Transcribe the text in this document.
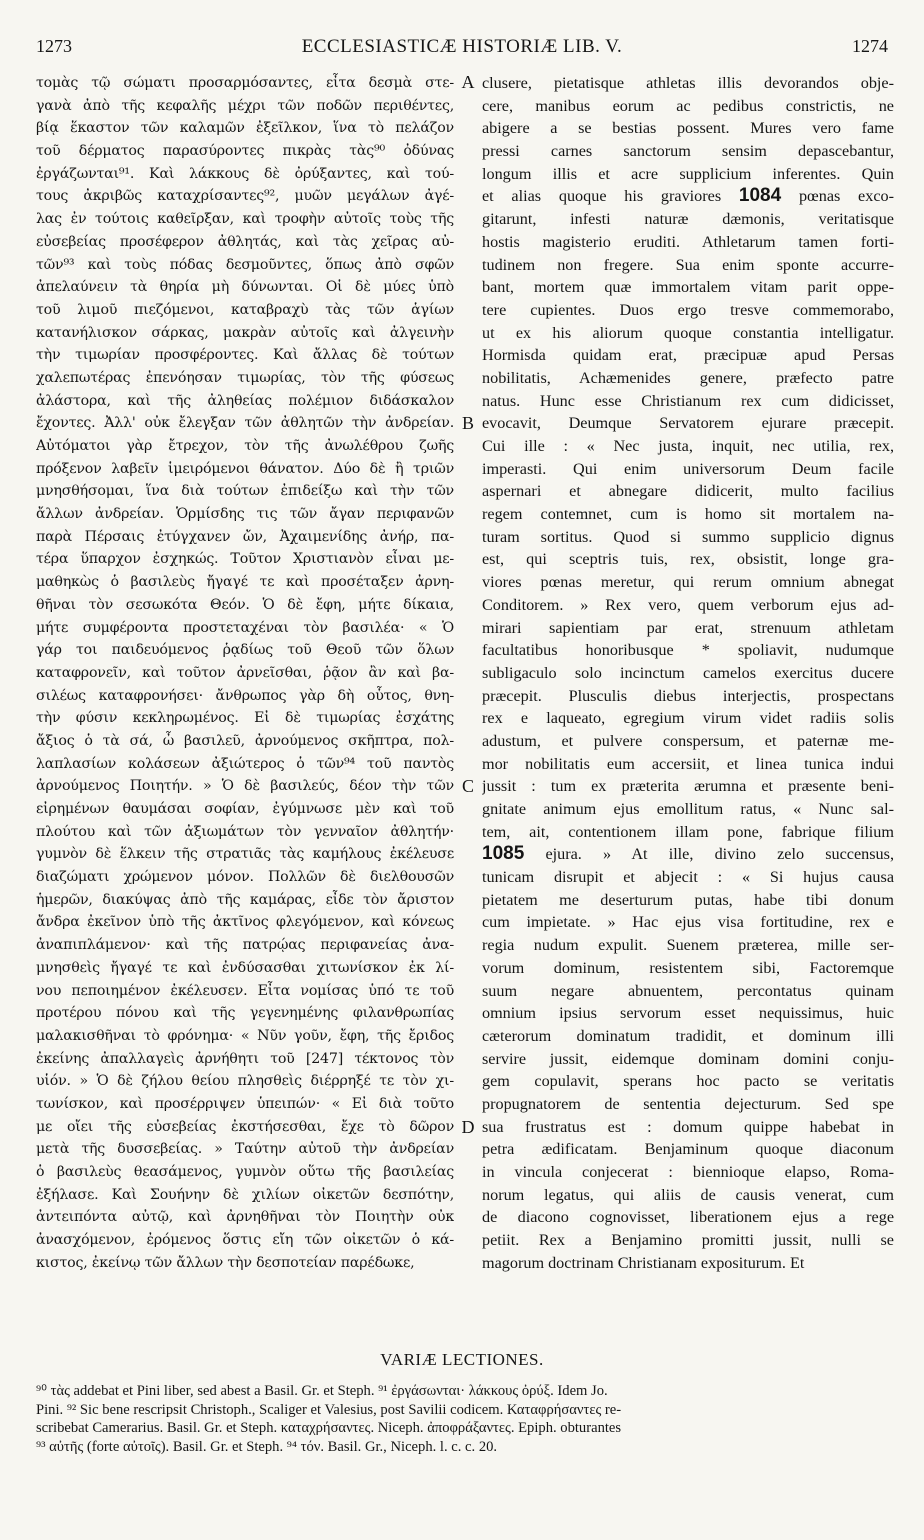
1273	ECCLESIASTICÆ HISTORIÆ LIB. V.	1274
τομὰς τῷ σώματι προσαρμόσαντες, εἶτα δεσμὰ στε-
γανὰ ἀπὸ τῆς κεφαλῆς μέχρι τῶν ποδῶν περιθέντες,
βίᾳ ἕκαστον τῶν καλαμῶν ἐξεῖλκον, ἵνα τὸ πελάζον
τοῦ δέρματος παρασύροντες πικρὰς τὰς⁹⁰ ὀδύνας
ἐργάζωνται⁹¹. Καὶ λάκκους δὲ ὀρύξαντες, καὶ τού-
τους ἀκριβῶς καταχρίσαντες⁹², μυῶν μεγάλων ἀγέ-
λας ἐν τούτοις καθεῖρξαν, καὶ τροφὴν αὐτοῖς τοὺς τῆς
εὐσεβείας προσέφερον ἀθλητάς, καὶ τὰς χεῖρας αὐ-
τῶν⁹³ καὶ τοὺς πόδας δεσμοῦντες, ὅπως ἀπὸ σφῶν
ἀπελαύνειν τὰ θηρία μὴ δύνωνται. Οἱ δὲ μύες ὑπὸ
τοῦ λιμοῦ πιεζόμενοι, καταβραχὺ τὰς τῶν ἁγίων
κατανήλισκον σάρκας, μακρὰν αὐτοῖς καὶ ἀλγεινὴν
τὴν τιμωρίαν προσφέροντες. Καὶ ἄλλας δὲ τούτων
χαλεπωτέρας ἐπενόησαν τιμωρίας, τὸν τῆς φύσεως
ἀλάστορα, καὶ τῆς ἀληθείας πολέμιον διδάσκαλον
ἔχοντες. Ἀλλ' οὐκ ἔλεγξαν τῶν ἀθλητῶν τὴν ἀνδρείαν.
Αὐτόματοι γὰρ ἔτρεχον, τὸν τῆς ἀνωλέθρου ζωῆς
πρόξενον λαβεῖν ἱμειρόμενοι θάνατον. Δύο δὲ ἢ τριῶν
μνησθήσομαι, ἵνα διὰ τούτων ἐπιδείξω καὶ τὴν τῶν
ἄλλων ἀνδρείαν. Ὁρμίσδης τις τῶν ἄγαν περιφανῶν
παρὰ Πέρσαις ἐτύγχανεν ὤν, Ἀχαιμενίδης ἀνήρ, πα-
τέρα ὕπαρχον ἐσχηκώς. Τοῦτον Χριστιανὸν εἶναι με-
μαθηκὼς ὁ βασιλεὺς ἤγαγέ τε καὶ προσέταξεν ἀρνη-
θῆναι τὸν σεσωκότα Θεόν. Ὁ δὲ ἔφη, μήτε δίκαια,
μήτε συμφέροντα προστεταχέναι τὸν βασιλέα· « Ὁ
γάρ τοι παιδευόμενος ῥᾳδίως τοῦ Θεοῦ τῶν ὅλων
καταφρονεῖν, καὶ τοῦτον ἀρνεῖσθαι, ῥᾷον ἂν καὶ βα-
σιλέως καταφρονήσει· ἄνθρωπος γὰρ δὴ οὗτος, θνη-
τὴν φύσιν κεκληρωμένος. Εἰ δὲ τιμωρίας ἐσχάτης
ἄξιος ὁ τὰ σά, ὦ βασιλεῦ, ἀρνούμενος σκῆπτρα, πολ-
λαπλασίων κολάσεων ἀξιώτερος ὁ τῶν⁹⁴ τοῦ παντὸς
ἀρνούμενος Ποιητήν. » Ὁ δὲ βασιλεύς, δέον τὴν τῶν
εἰρημένων θαυμάσαι σοφίαν, ἐγύμνωσε μὲν καὶ τοῦ
πλούτου καὶ τῶν ἀξιωμάτων τὸν γενναῖον ἀθλητήν·
γυμνὸν δὲ ἕλκειν τῆς στρατιᾶς τὰς καμήλους ἐκέλευσε
διαζώματι χρώμενον μόνον. Πολλῶν δὲ διελθουσῶν
ἡμερῶν, διακύψας ἀπὸ τῆς καμάρας, εἶδε τὸν ἄριστον
ἄνδρα ἐκεῖνον ὑπὸ τῆς ἀκτῖνος φλεγόμενον, καὶ κόνεως
ἀναπιπλάμενον· καὶ τῆς πατρῴας περιφανείας ἀνα-
μνησθεὶς ἤγαγέ τε καὶ ἐνδύσασθαι χιτωνίσκον ἐκ λί-
νου πεποιημένον ἐκέλευσεν. Εἶτα νομίσας ὑπό τε τοῦ
προτέρου πόνου καὶ τῆς γεγενημένης φιλανθρωπίας
μαλακισθῆναι τὸ φρόνημα· « Νῦν γοῦν, ἔφη, τῆς ἔριδος
ἐκείνης ἀπαλλαγεὶς ἀρνήθητι τοῦ [247] τέκτονος τὸν
υἱόν. » Ὁ δὲ ζήλου θείου πλησθεὶς διέρρηξέ τε τὸν χι-
τωνίσκον, καὶ προσέρριψεν ὑπειπών· « Εἰ διὰ τοῦτο
με οἴει τῆς εὐσεβείας ἐκστήσεσθαι, ἔχε τὸ δῶρον
μετὰ τῆς δυσσεβείας. » Ταύτην αὐτοῦ τὴν ἀνδρείαν
ὁ βασιλεὺς θεασάμενος, γυμνὸν οὕτω τῆς βασιλείας
ἐξήλασε. Καὶ Σουήνην δὲ χιλίων οἰκετῶν δεσπότην,
ἀντειπόντα αὐτῷ, καὶ ἀρνηθῆναι τὸν Ποιητὴν οὐκ
ἀνασχόμενον, ἐρόμενος ὅστις εἴη τῶν οἰκετῶν ὁ κά-
κιστος, ἐκείνῳ τῶν ἄλλων τὴν δεσποτείαν παρέδωκε,
clusere, pietatisque athletas illis devorandos obje-
cere, manibus eorum ac pedibus constrictis, ne
abigere a se bestias possent. Mures vero fame
pressi carnes sanctorum sensim depascebantur,
longum illis et acre supplicium inferentes. Quin
et alias quoque his graviores 1084 pœnas exco-
gitarunt, infesti naturæ dæmonis, veritatisque
hostis magisterio eruditi. Athletarum tamen forti-
tudinem non fregere. Sua enim sponte accurre-
bant, mortem quæ immortalem vitam parit oppe-
tere cupientes. Duos ergo tresve commemorabo,
ut ex his aliorum quoque constantia intelligatur.
Hormisda quidam erat, præcipuæ apud Persas
nobilitatis, Achæmenides genere, præfecto patre
natus. Hunc esse Christianum rex cum didicisset,
evocavit, Deumque Servatorem ejurare præcepit.
Cui ille : « Nec justa, inquit, nec utilia, rex,
imperasti. Qui enim universorum Deum facile
aspernari et abnegare didicerit, multo facilius
regem contemnet, cum is homo sit mortalem na-
turam sortitus. Quod si summo supplicio dignus
est, qui sceptris tuis, rex, obsistit, longe gra-
viores pœnas meretur, qui rerum omnium abnegat
Conditorem. » Rex vero, quem verborum ejus ad-
mirari sapientiam par erat, strenuum athletam
facultatibus honoribusque * spoliavit, nudumque
subligaculo solo incinctum camelos exercitus ducere
præcepit. Plusculis diebus interjectis, prospectans
rex e laqueato, egregium virum videt radiis solis
adustum, et pulvere conspersum, et paternæ me-
mor nobilitatis eum accersiit, et linea tunica indui
jussit : tum ex præterita ærumna et præsente beni-
gnitate animum ejus emollitum ratus, « Nunc sal-
tem, ait, contentionem illam pone, fabrique filium
1085 ejura. » At ille, divino zelo succensus,
tunicam disrupit et abjecit : « Si hujus causa
pietatem me deserturum putas, habe tibi donum
cum impietate. » Hac ejus visa fortitudine, rex e
regia nudum expulit. Suenem præterea, mille ser-
vorum dominum, resistentem sibi, Factoremque
suum negare abnuentem, percontatus quinam
omnium ipsius servorum esset nequissimus, huic
cæterorum dominatum tradidit, et dominum illi
servire jussit, eidemque dominam domini conju-
gem copulavit, sperans hoc pacto se veritatis
propugnatorem de sententia dejecturum. Sed spe
sua frustratus est : domum quippe habebat in
petra ædificatam. Benjaminum quoque diaconum
in vincula conjecerat : biennioque elapso, Roma-
norum legatus, qui aliis de causis venerat, cum
de diacono cognovisset, liberationem ejus a rege
petiit. Rex a Benjamino promitti jussit, nulli se
magorum doctrinam Christianam expositurum. Et
A
B
C
D
VARIÆ LECTIONES.
⁹⁰ τὰς addebat et Pini liber, sed abest a Basil. Gr. et Steph. ⁹¹ ἐργάσωνται· λάκκους ὀρύξ. Idem Jo.
Pini. ⁹² Sic bene rescripsit Christoph., Scaliger et Valesius, post Savilii codicem. Καταφρήσαντες re-
scribebat Camerarius. Basil. Gr. et Steph. καταχρήσαντες. Niceph. ἀποφράξαντες. Epiph. obturantes
⁹³ αὐτῆς (forte αὐτοῖς). Basil. Gr. et Steph. ⁹⁴ τόν. Basil. Gr., Niceph. l. c. c. 20.
